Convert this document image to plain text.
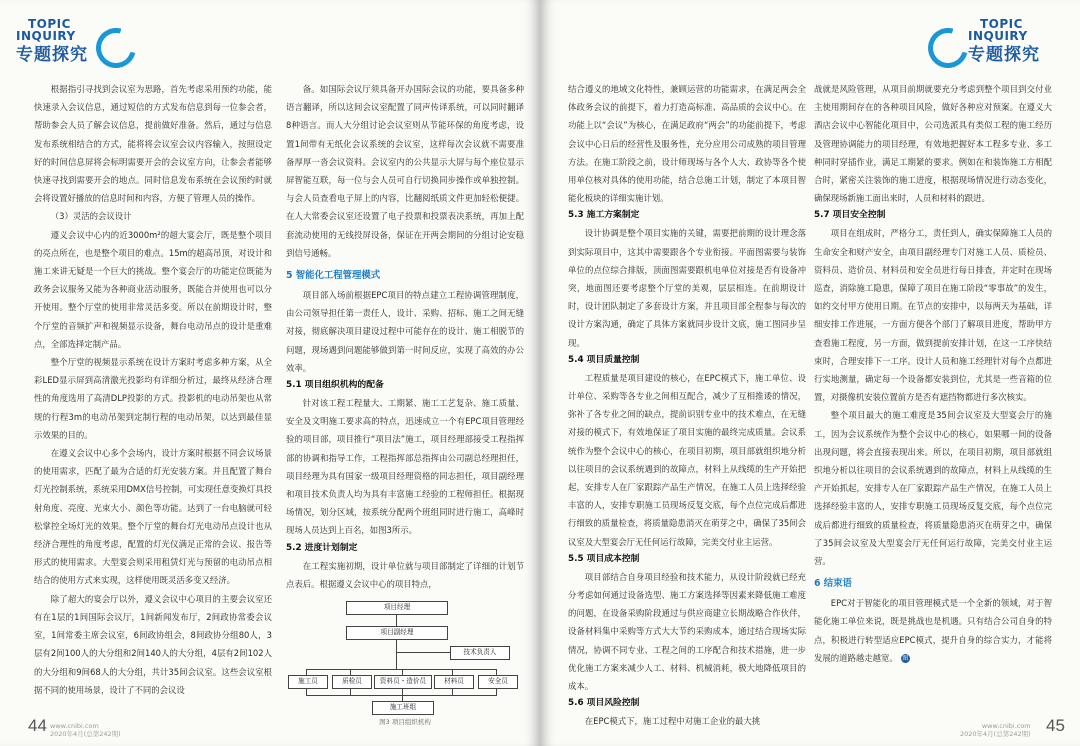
TOPIC
INQUIRY
专题探究

根据指引寻找到会议室为思路，首先考虑采用预约功能，能快速录入会议信息，通过短信的方式发布信息到每一位参会者，帮助参会人员了解会议信息，提前做好准备。然后，通过与信息发布系统相结合的方式，能将将会议室会议内容输入，按照设定好的时间信息屏将会标明需要开会的会议室方向，让参会者能够快速寻找到需要开会的地点。同时信息发布系统在会议预约时就会将设置好播放的信息时间和内容，方便了管理人员的操作。

（3）灵活的会议设计

遵义会议中心内的近3000m²的超大宴会厅，既是整个项目的亮点所在，也是整个项目的难点。15m的超高吊顶，对设计和施工来讲无疑是一个巨大的挑战。整个宴会厅的功能定位既能为政务会议服务又能为各种商业活动服务，既能合并使用也可以分开使用。整个厅堂的使用非常灵活多变。所以在前期设计时，整个厅堂的音频扩声和视频显示设备，舞台电动吊点的设计是重难点，全部选择定制产品。

整个厅堂的视频显示系统在设计方案时考虑多种方案，从全彩LED显示屏到高清激光投影均有详细分析过，最终从经济合理性的角度选用了高清DLP投影的方式。投影机的电动吊架也从常规的行程3m的电动吊架到定制行程的电动吊架，以达到最佳显示效果的目的。

在遵义会议中心多个会场内，设计方案时根据不同会议场景的使用需求，匹配了最为合适的灯光安装方案。并且配置了舞台灯光控制系统，系统采用DMX信号控制，可实现任意变换灯具投射角度、亮度、光束大小、颜色等功能。达到了一台电脑就可轻松掌控全场灯光的效果。整个厅堂的舞台灯光电动吊点设计也从经济合理性的角度考虑，配置的灯光仪满足正常的会议、报告等形式的使用需求。大型宴会则采用租赁灯光与预留的电动吊点相结合的使用方式来实现，这样使用既灵活多变又经济。

除了超大的宴会厅以外，遵义会议中心项目的主要会议室还有在1层的1间国际会议厅，1间新闻发布厅，2间政协常委会议室，1间常委主席会议室，6间政协组会，8间政协分组80人，3层有2间100人的大分组和2间140人的大分组，4层有2间102人的大分组和9间68人的大分组，共计35间会议室。这些会议室根据不同的使用场景，设计了不同的会议设

备。如国际会议厅须具备开办国际会议的功能，要具备多种语言翻译，所以这间会议室配置了同声传译系统，可以同时翻译8种语言。而人大分组讨论会议室则从节能环保的角度考虑，设置1间带有无纸化会议系统的会议室，这样每次会议就不需要准备厚厚一沓会议资料。会议室内的公共显示大屏与每个座位显示屏智能互联，每一位与会人员可自行切换同步操作或单独控制。与会人员查看电子屏上的内容，比翻阅纸质文件更加轻松便捷。在人大常委会议室还设置了电子投票和投票表决系统，再加上配套流动使用的无线投屏设备，保证在开两会期间的分组讨论安稳到信号通畅。

5 智能化工程管理模式

项目部入场前根据EPC项目的特点建立工程协调管理制度，由公司领导担任第一责任人，设计、采购、招标、施工之间无缝对接，彻底解决项目建设过程中可能存在的设计、施工相脱节的问题，现场遇到问题能够做到第一时间反应，实现了高效的办公效率。

5.1 项目组织机构的配备

针对该工程工程量大、工期紧、施工工艺复杂、施工质量、安全及文明施工要求高的特点，迅速成立一个有EPC项目管理经验的项目部，项目推行“项目法”施工，项目经理部接受工程指挥部的协调和指导工作，工程指挥部总指挥由公司副总经理担任，项目经理为具有国家一级项目经理资格的同志担任，项目副经理和项目技术负责人均为具有丰富施工经验的工程师担任。根据现场情况，划分区域，按系统分配两个班组同时进行施工，高峰时现场人员达到上百名，如图3所示。

5.2 进度计划制定

在工程实施初期，设计单位就与项目部制定了详细的计划节点表后。根据遵义会议中心的项目特点，

项目经理
项目副经理
技术负责人
施工员	质检员	资料员・造价员	材料员	安全员
施工班组
图3 项目组织机构
44 www.cnibi.com
2020年4月(总第242期)
TOPIC
INQUIRY
专题探究

结合遵义的地域文化特性，兼顾运营的功能需求，在满足两会全体政务会议的前提下，着力打造高标准、高品质的会议中心。在功能上以“会议”为核心，在满足政府“两会”的功能前提下，考虑会议中心日后的经营性及服务性，充分应用公司成熟的项目管理方法。在施工阶段之前，设计师现场与各个人大、政协等各个使用单位核对具体的使用功能，结合总施工计划，制定了本项目智能化板块的详细实施计划。

5.3 施工方案制定

设计协调是整个项目实施的关键，需要把前期的设计理念落到实际项目中，这其中需要跟各个专业衔接。平面图需要与装饰单位的点位综合排版，顶面图需要跟机电单位对接是否有设备冲突，地面图还要考虑整个厅堂的美观，层层相连。在前期设计时，设计团队制定了多套设计方案，并且项目部全程参与每次的设计方案沟通，确定了具体方案就同步设计文底，施工图同步呈现。

5.4 项目质量控制

工程质量是项目建设的核心，在EPC模式下，施工单位、设计单位、采购等各专业之间相互配合，减少了互相推诿的情况，弥补了各专业之间的缺点，提前识别专业中的技术难点，在无缝对接的模式下，有效地保证了项目实施的最终完成质量。会议系统作为整个会议中心的核心，在项目初期，项目部就组织地分析以往项目的会议系统遇到的故障点，材料上从线缆的生产开始把起，安排专人在厂家跟踪产品生产情况，在施工人员上选择经验丰富的人，安排专职施工员现场反复交底，每个点位完成后都进行细致的质量检查，将质量隐患消灭在萌芽之中，确保了35间会议室及大型宴会厅无任何运行故障，完美交付业主运营。

5.5 项目成本控制

项目部结合自身项目经验和技术能力，从设计阶段就已经充分考虑如何通过设备选型、施工方案选择等因素来降低施工难度的问题，在设备采购阶段通过与供应商建立长期战略合作伙伴，设备材料集中采购等方式大大节约采购成本，通过结合现场实际情况，协调不同专业、工程之间的工序配合和技术措施，进一步优化施工方案来减少人工、材料、机械消耗，极大地降低项目的成本。

5.6 项目风险控制

在EPC模式下，施工过程中对施工企业的最大挑

战就是风险管理，从项目前期就要充分考虑到整个项目到交付业主使用期间存在的各种项目风险，做好各种应对预案。在遵义大酒店会议中心智能化项目中，公司选派具有类似工程的施工经历及管理协调能力的项目经理，有效地把握好本工程多专业、多工种同时穿插作业，满足工期紧的要求。例如在和装饰施工方相配合时，紧密关注装饰的施工进度，根据现场情况进行动态变化，确保现场新施工面出来时，人员和材料的跟进。

5.7 项目安全控制

项目在组成时，严格分工，责任到人，确实保障施工人员的生命安全和财产安全，由项目副经理专门对施工人员、质检员、资料员、造价员、材料员和安全员进行每日排查，并定时在现场巡查，消除施工隐患，保障了项目在施工阶段“零事故”的发生，如约交付甲方使用日期。在节点的安排中，以每两天为基础，详细安排工作进展，一方面方便各个部门了解项目进度，帮助甲方查看施工程度，另一方面，做到提前安排计划，在这一工序快结束时，合理安排下一工序。设计人员和施工经理针对每个点都进行实地测量，确定每一个设备都安装到位，尤其是一些音箱的位置，对摄像机安装位置前方是否有遮挡物都进行多次核实。

整个项目最大的施工难度是35间会议室及大型宴会厅的施工，因为会议系统作为整个会议中心的核心，如果哪一间的设备出现问题，将会直接表现出来。所以，在项目初期，项目部就组织地分析以往项目的会议系统遇到的故障点，材料上从线缆的生产开始抓起，安排专人在厂家跟踪产品生产情况，在施工人员上选择经验丰富的人，安排专职施工员现场反复交底，每个点位完成后都进行细致的质量检查，将质量隐患消灭在萌芽之中，确保了35间会议室及大型宴会厅无任何运行故障，完美交付业主运营。

6 结束语

EPC对于智能化的项目管理模式是一个全新的领域，对于智能化施工单位来说，既是挑战也是机遇。只有结合公司自身的特点，积极进行转型适应EPC模式，提升自身的综合实力，才能将发展的道路越走越宽。 图

www.cnibi.com
2020年4月(总第242期) 45
